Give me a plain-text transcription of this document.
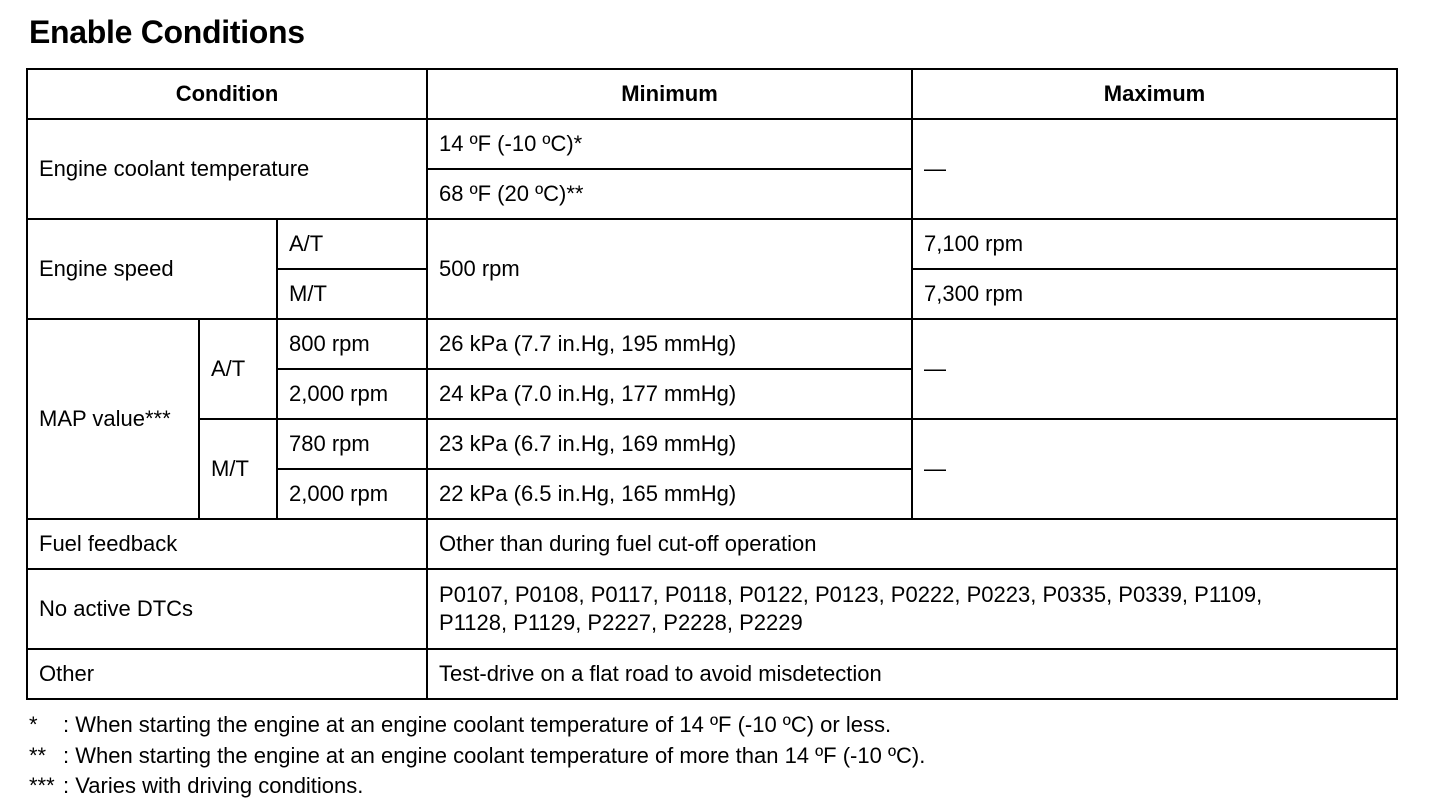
Enable Conditions
Condition			Minimum	Maximum
Engine coolant temperature			14 ºF (-10 ºC)*	—
			68 ºF (20 ºC)**	
Engine speed		A/T	500 rpm	7,100 rpm
		M/T		7,300 rpm
MAP value***	A/T	800 rpm	26 kPa (7.7 in.Hg, 195 mmHg)	—
		2,000 rpm	24 kPa (7.0 in.Hg, 177 mmHg)	
	M/T	780 rpm	23 kPa (6.7 in.Hg, 169 mmHg)	—
		2,000 rpm	22 kPa (6.5 in.Hg, 165 mmHg)	
Fuel feedback			Other than during fuel cut-off operation	
No active DTCs			P0107, P0108, P0117, P0118, P0122, P0123, P0222, P0223, P0335, P0339, P1109,
P1128, P1129, P2227, P2228, P2229	

Other			Test-drive on a flat road to avoid misdetection	
*	: When starting the engine at an engine coolant temperature of 14 ºF (-10 ºC) or less.
** : When starting the engine at an engine coolant temperature of more than 14 ºF (-10 ºC).
*** : Varies with driving conditions.
